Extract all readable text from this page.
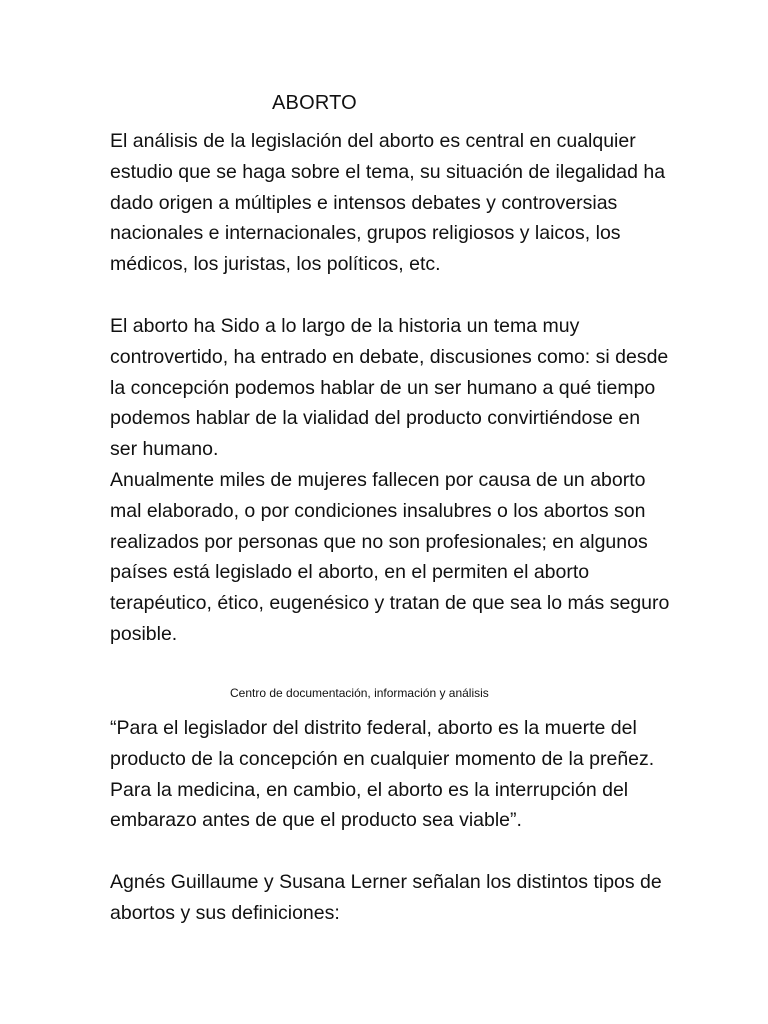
ABORTO

El análisis de la legislación del aborto es central en cualquier estudio que se haga sobre el tema, su situación de ilegalidad ha dado origen a múltiples e intensos debates y controversias nacionales e internacionales, grupos religiosos y laicos, los médicos, los juristas, los políticos, etc.

El aborto ha Sido a lo largo de la historia un tema muy controvertido, ha entrado en debate, discusiones como: si desde la concepción podemos hablar de un ser humano a qué tiempo podemos hablar de la vialidad del producto convirtiéndose en ser humano.

Anualmente miles de mujeres fallecen por causa de un aborto mal elaborado, o por condiciones insalubres o los abortos son realizados por personas que no son profesionales; en algunos países está legislado el aborto, en el permiten el aborto terapéutico, ético, eugenésico y tratan de que sea lo más seguro posible.

Centro de documentación, información y análisis

“Para el legislador del distrito federal, aborto es la muerte del producto de la concepción en cualquier momento de la preñez. Para la medicina, en cambio, el aborto es la interrupción del embarazo antes de que el producto sea viable”.

Agnés Guillaume y Susana Lerner señalan los distintos tipos de abortos y sus definiciones:
